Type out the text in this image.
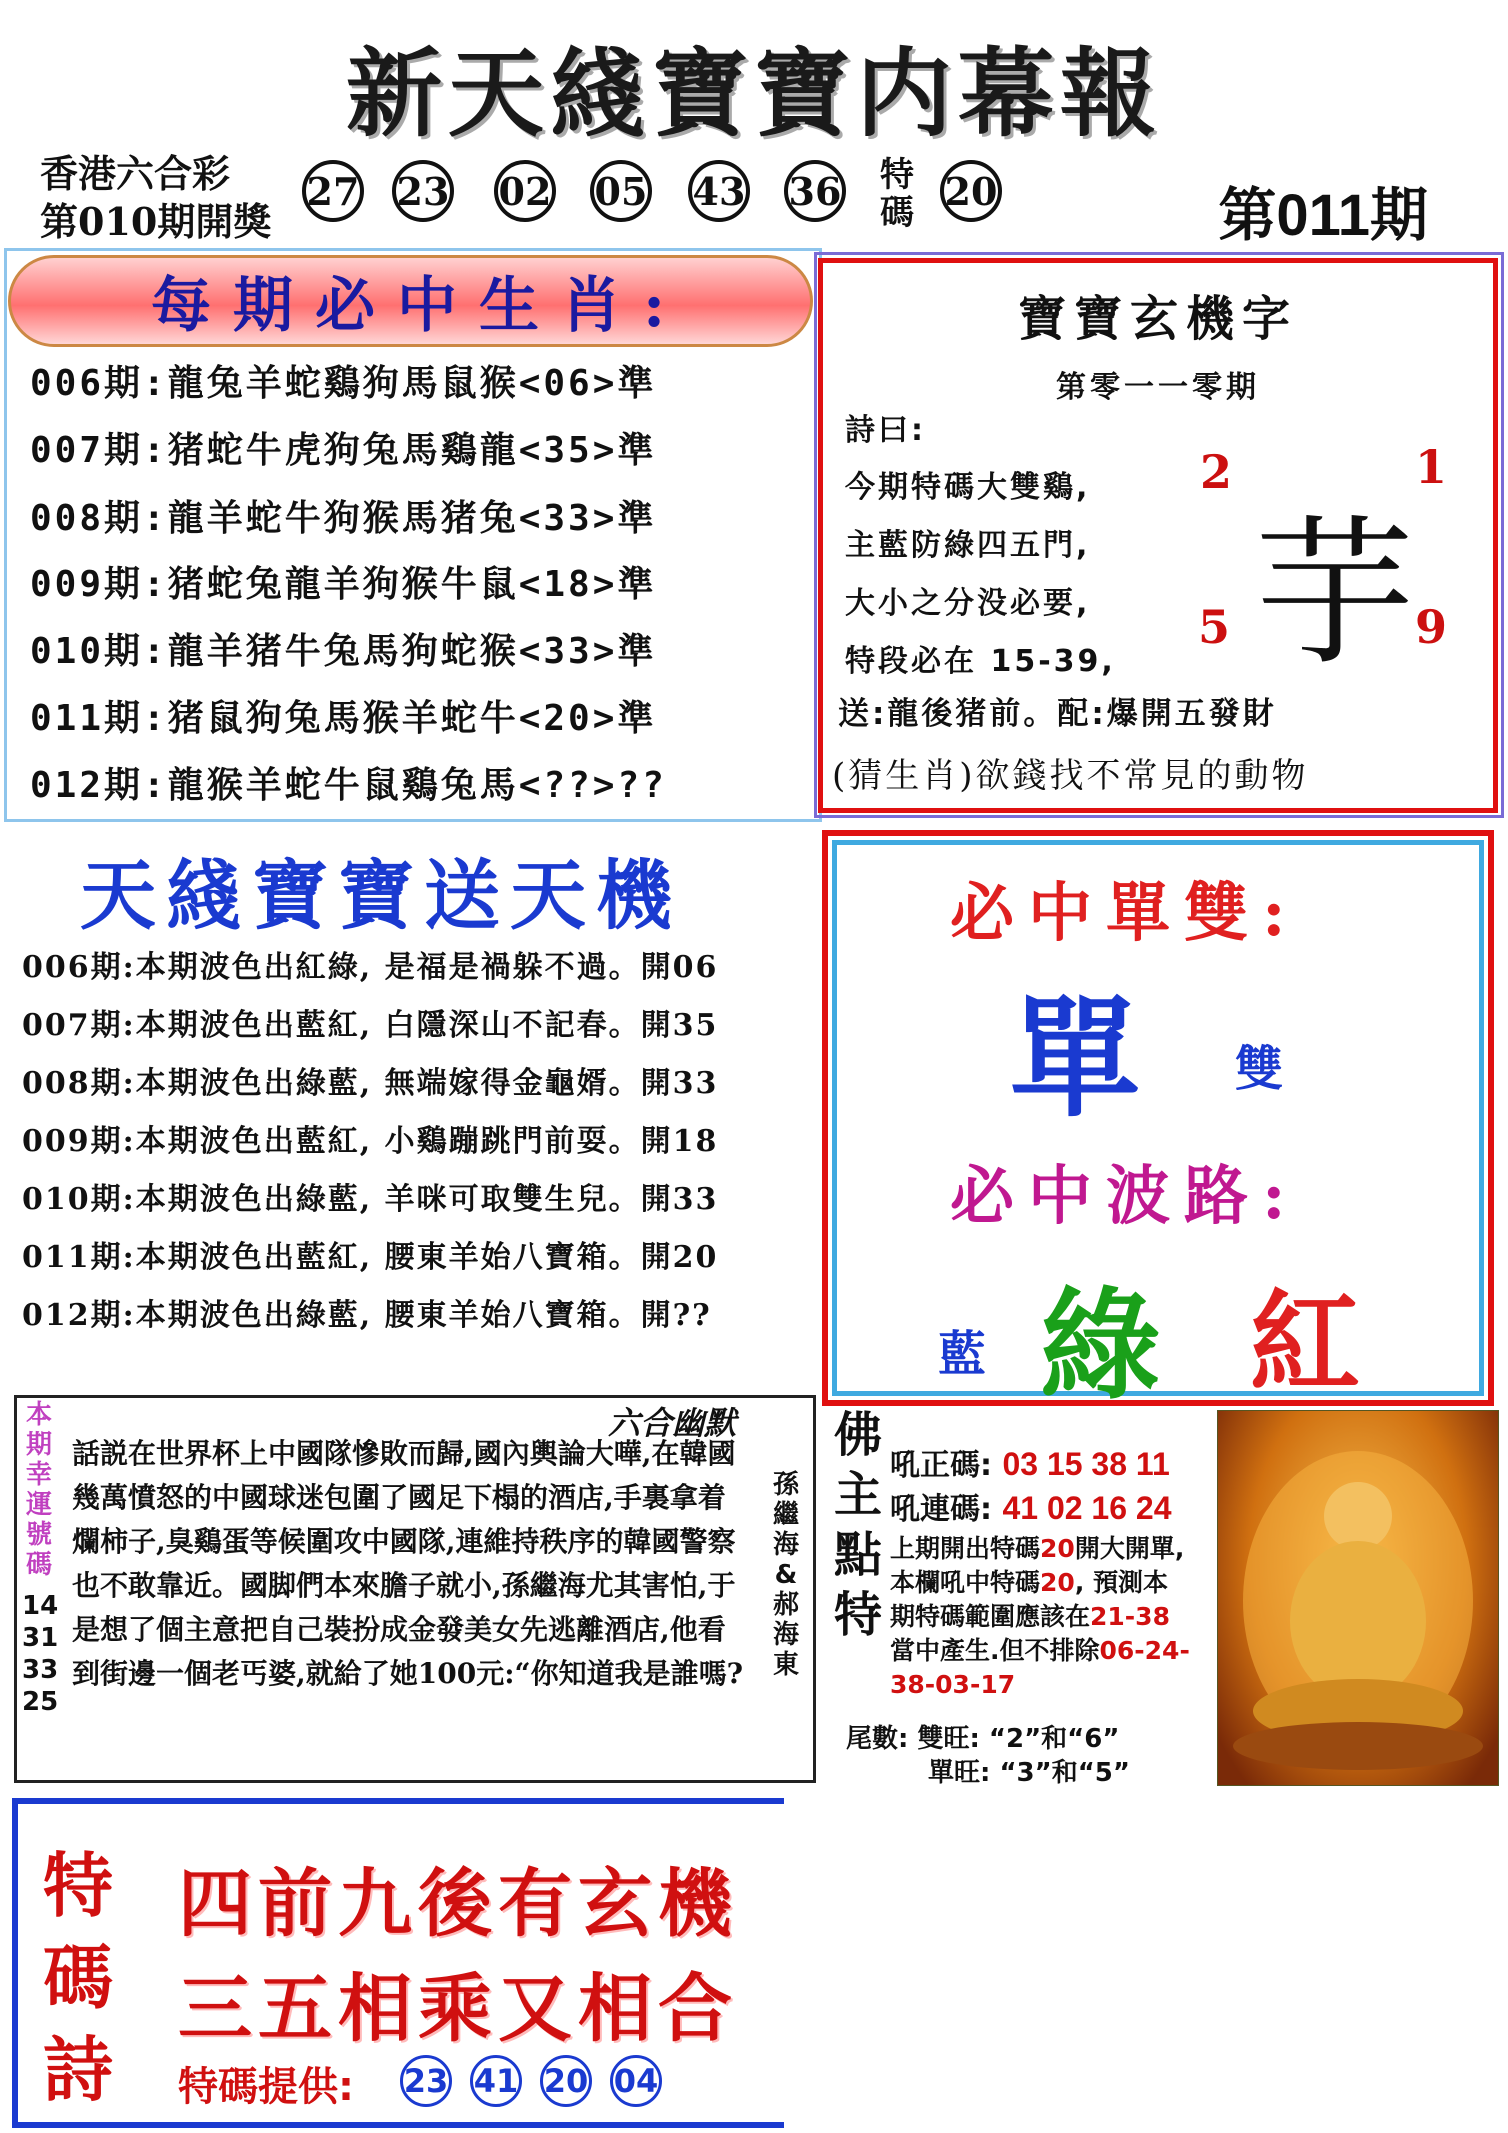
新天綫寶寶内幕報
香港六合彩
第010期開獎
27 23 02 05 43 36 特碼 20	第011期
每期必中生肖:
006期:龍兔羊蛇鷄狗馬鼠猴<06>準
007期:猪蛇牛虎狗兔馬鷄龍<35>準
008期:龍羊蛇牛狗猴馬猪兔<33>準
009期:猪蛇兔龍羊狗猴牛鼠<18>準
010期:龍羊猪牛兔馬狗蛇猴<33>準
011期:猪鼠狗兔馬猴羊蛇牛<20>準
012期:龍猴羊蛇牛鼠鷄兔馬<??>??
寶寶玄機字
第零一一零期
詩曰:
今期特碼大雙鷄,
主藍防綠四五門,
大小之分没必要,
特段必在 15-39,
2	1
5	9
芋
送:龍後猪前。配:爆開五發財
(猜生肖)欲錢找不常見的動物
天綫寶寶送天機
006期:本期波色出紅綠, 是福是禍躲不過。開06
007期:本期波色出藍紅, 白隱深山不記春。開35
008期:本期波色出綠藍, 無端嫁得金龜婿。開33
009期:本期波色出藍紅, 小鷄蹦跳門前耍。開18
010期:本期波色出綠藍, 羊咪可取雙生兒。開33
011期:本期波色出藍紅, 腰東羊始八寶箱。開20
012期:本期波色出綠藍, 腰東羊始八寶箱。開??
必中單雙:
單 雙
必中波路:
藍 綠 紅
本期幸運號碼
14 31 33 25
六合幽默
話説在世界杯上中國隊慘敗而歸,國內輿論大嘩,在韓國幾萬憤怒的中國球迷包圍了國足下榻的酒店,手裏拿着爛柿子,臭鷄蛋等候圍攻中國隊,連維持秩序的韓國警察也不敢靠近。國脚們本來膽子就小,孫繼海尤其害怕,于是想了個主意把自己裝扮成金發美女先逃離酒店,他看到街邊一個老丐婆,就給了她100元:“你知道我是誰嗎?
孫繼海&郝海東
佛主點特
吼正碼: 03 15 38 11
吼連碼: 41 02 16 24
上期開出特碼20開大開單, 本欄吼中特碼20, 預測本期特碼範圍應該在21-38當中產生.但不排除06-24-38-03-17
尾數: 雙旺: “2”和“6”
單旺: “3”和“5”
特碼詩
四前九後有玄機
三五相乘又相合
特碼提供: 23 41 20 04
